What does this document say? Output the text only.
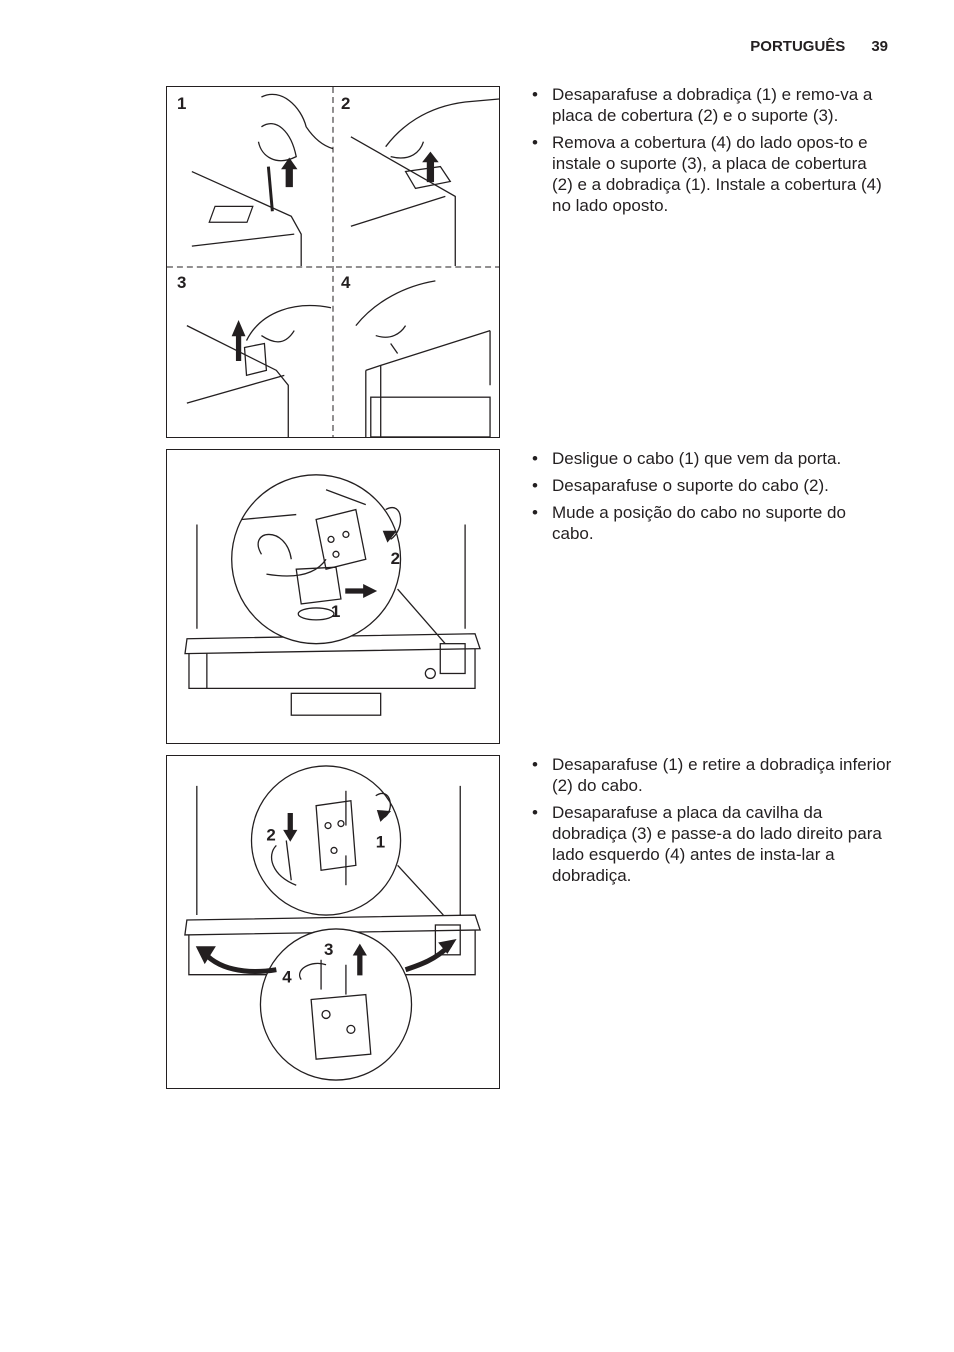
PORTUGUÊS 39
1	2
3	4
• Desaparafuse a dobradiça (1) e remo-va a placa de cobertura (2) e o suporte (3).
• Remova a cobertura (4) do lado opos-to e instale o suporte (3), a placa de cobertura (2) e a dobradiça (1). Instale a cobertura (4) no lado oposto.
2
1
• Desligue o cabo (1) que vem da porta.
• Desaparafuse o suporte do cabo (2).
• Mude a posição do cabo no suporte do cabo.
2	1
3
4
• Desaparafuse (1) e retire a dobradiça inferior (2) do cabo.
• Desaparafuse a placa da cavilha da dobradiça (3) e passe-a do lado direito para lado esquerdo (4) antes de insta-lar a dobradiça.
